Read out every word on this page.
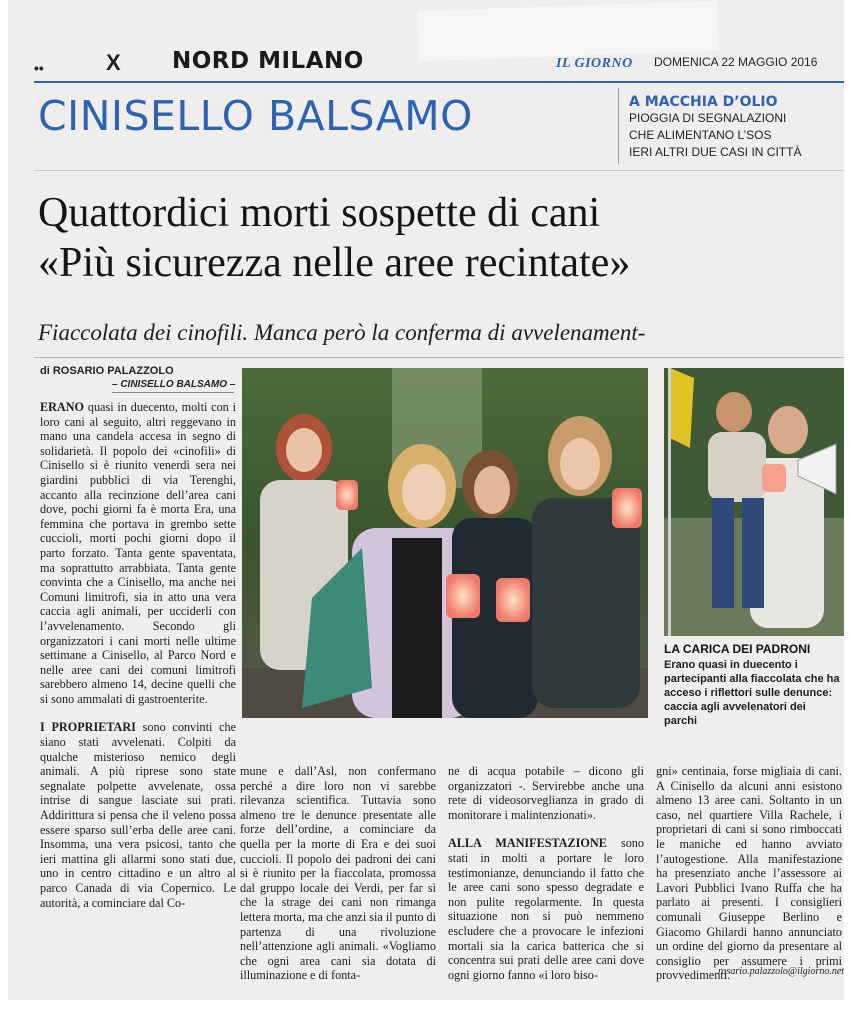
••	X NORD MILANO	IL GIORNO DOMENICA 22 MAGGIO 2016
CINISELLO BALSAMO	A MACCHIA D’OLIO
PIOGGIA DI SEGNALAZIONI
CHE ALIMENTANO L’SOS
IERI ALTRI DUE CASI IN CITTÀ
Quattordici morti sospette di cani
«Più sicurezza nelle aree recintate»
Fiaccolata dei cinofili. Manca però la conferma di avvelenament-
di ROSARIO PALAZZOLO
– CINISELLO BALSAMO –

ERANO quasi in duecento, molti con i loro cani al seguito, altri reggevano in mano una candela accesa in segno di solidarietà. Il popolo dei «cinofili» di Cinisello si è riunito venerdì sera nei giardini pubblici di via Terenghi, accanto alla recinzione dell’area cani dove, pochi giorni fa è morta Era, una femmina che portava in grembo sette cuccioli, morti pochi giorni dopo il parto forzato. Tanta gente spaventata, ma soprattutto arrabbiata. Tanta gente convinta che a Cinisello, ma anche nei Comuni limitrofi, sia in atto una vera caccia agli animali, per ucciderli con l’avvelenamento. Secondo gli organizzatori i cani morti nelle ultime settimane a Cinisello, al Parco Nord e nelle aree cani dei comuni limitrofi sarebbero almeno 14, decine quelli che si sono ammalati di gastroenterite.

I PROPRIETARI sono convinti che siano stati avvelenati. Colpiti da qualche misterioso nemico degli animali. A più riprese sono state segnalate polpette avvelenate, ossa intrise di sangue lasciate sui prati. Addirittura si pensa che il veleno possa essere sparso sull’erba delle aree cani. Insomma, una vera psicosi, tanto che ieri mattina gli allarmi sono stati due, uno in centro cittadino e un altro al parco Canada di via Copernico. Le autorità, a cominciare dal Co-

LA CARICA DEI PADRONI
Erano quasi in duecento i partecipanti alla fiaccolata che ha acceso i riflettori sulle denunce: caccia agli avvelenatori dei parchi

mune e dall’Asl, non confermano perché a dire loro non vi sarebbe rilevanza scientifica. Tuttavia sono almeno tre le denunce presentate alle forze dell’ordine, a cominciare da quella per la morte di Era e dei suoi cuccioli. Il popolo dei padroni dei cani si è riunito per la fiaccolata, promossa dal gruppo locale dei Verdi, per far sì che la strage dei cani non rimanga lettera morta, ma che anzi sia il punto di partenza di una rivoluzione nell’attenzione agli animali. «Vogliamo che ogni area cani sia dotata di illuminazione e di fonta-

ne di acqua potabile – dicono gli organizzatori -. Servirebbe anche una rete di videosorveglianza in grado di monitorare i malintenzionati».

ALLA MANIFESTAZIONE sono stati in molti a portare le loro testimonianze, denunciando il fatto che le aree cani sono spesso degradate e non pulite regolarmente. In questa situazione non si può nemmeno escludere che a provocare le infezioni mortali sia la carica batterica che si concentra sui prati delle aree cani dove ogni giorno fanno «i loro biso-

gni» centinaia, forse migliaia di cani. A Cinisello da alcuni anni esistono almeno 13 aree cani. Soltanto in un caso, nel quartiere Villa Rachele, i proprietari di cani si sono rimboccati le maniche ed hanno avviato l’autogestione. Alla manifestazione ha presenziato anche l’assessore ai Lavori Pubblici Ivano Ruffa che ha parlato ai presenti. I consiglieri comunali Giuseppe Berlino e Giacomo Ghilardi hanno annunciato un ordine del giorno da presentare al consiglio per assumere i primi provvedimenti.

rosario.palazzolo@ilgiorno.net
